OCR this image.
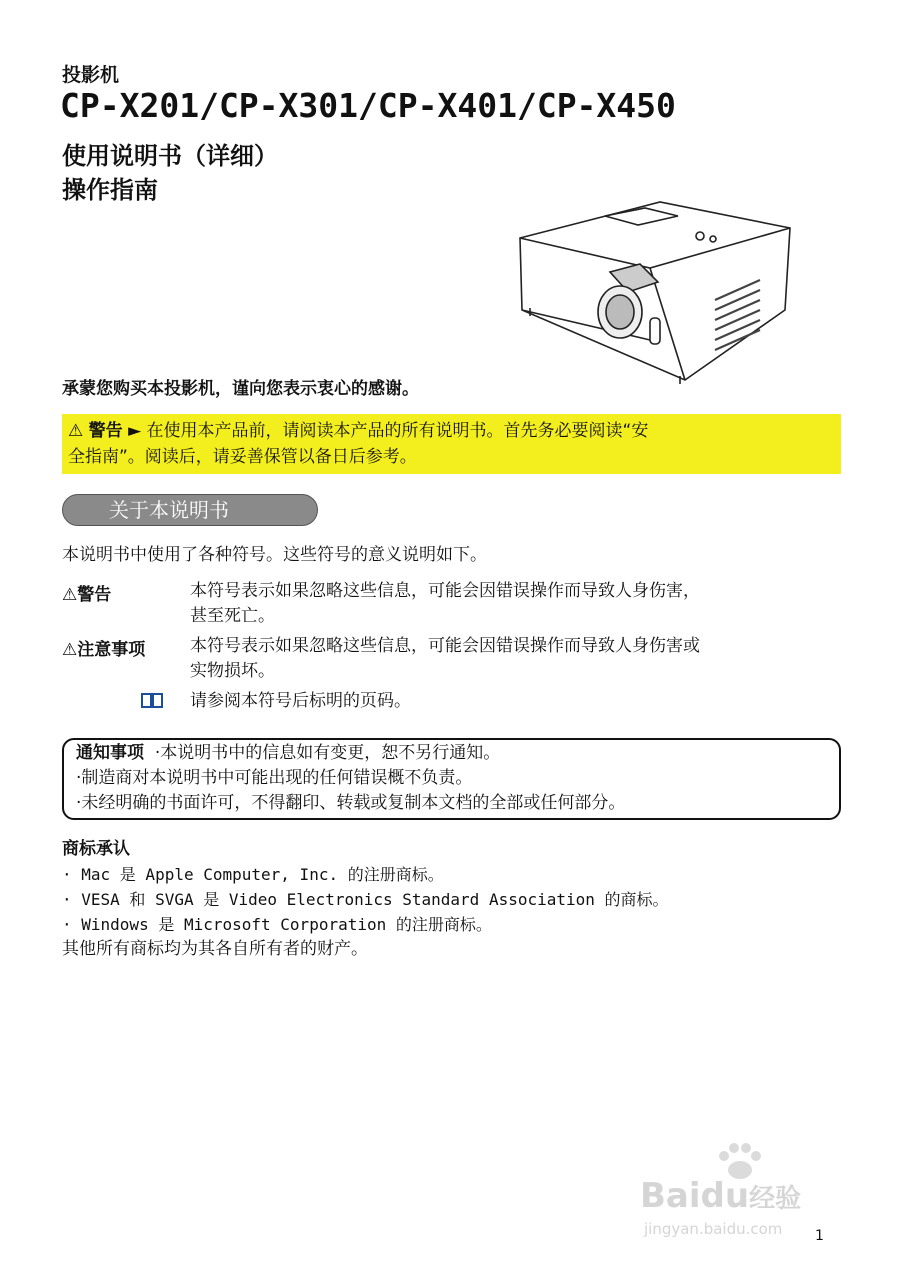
投影机
CP-X201/CP-X301/CP-X401/CP-X450
使用说明书（详细）
操作指南
承蒙您购买本投影机，谨向您表示衷心的感谢。
⚠ 警告 ► 在使用本产品前，请阅读本产品的所有说明书。首先务必要阅读“安
全指南”。阅读后，请妥善保管以备日后参考。
关于本说明书
本说明书中使用了各种符号。这些符号的意义说明如下。
⚠警告	本符号表示如果忽略这些信息，可能会因错误操作而导致人身伤害，
甚至死亡。
⚠注意事项	本符号表示如果忽略这些信息，可能会因错误操作而导致人身伤害或
实物损坏。
请参阅本符号后标明的页码。
通知事项 ·本说明书中的信息如有变更，恕不另行通知。
·制造商对本说明书中可能出现的任何错误概不负责。
·未经明确的书面许可，不得翻印、转载或复制本文档的全部或任何部分。
商标承认
· Mac 是 Apple Computer, Inc. 的注册商标。
· VESA 和 SVGA 是 Video Electronics Standard Association 的商标。
· Windows 是 Microsoft Corporation 的注册商标。
其他所有商标均为其各自所有者的财产。
Baidu经验
jingyan.baidu.com 1
